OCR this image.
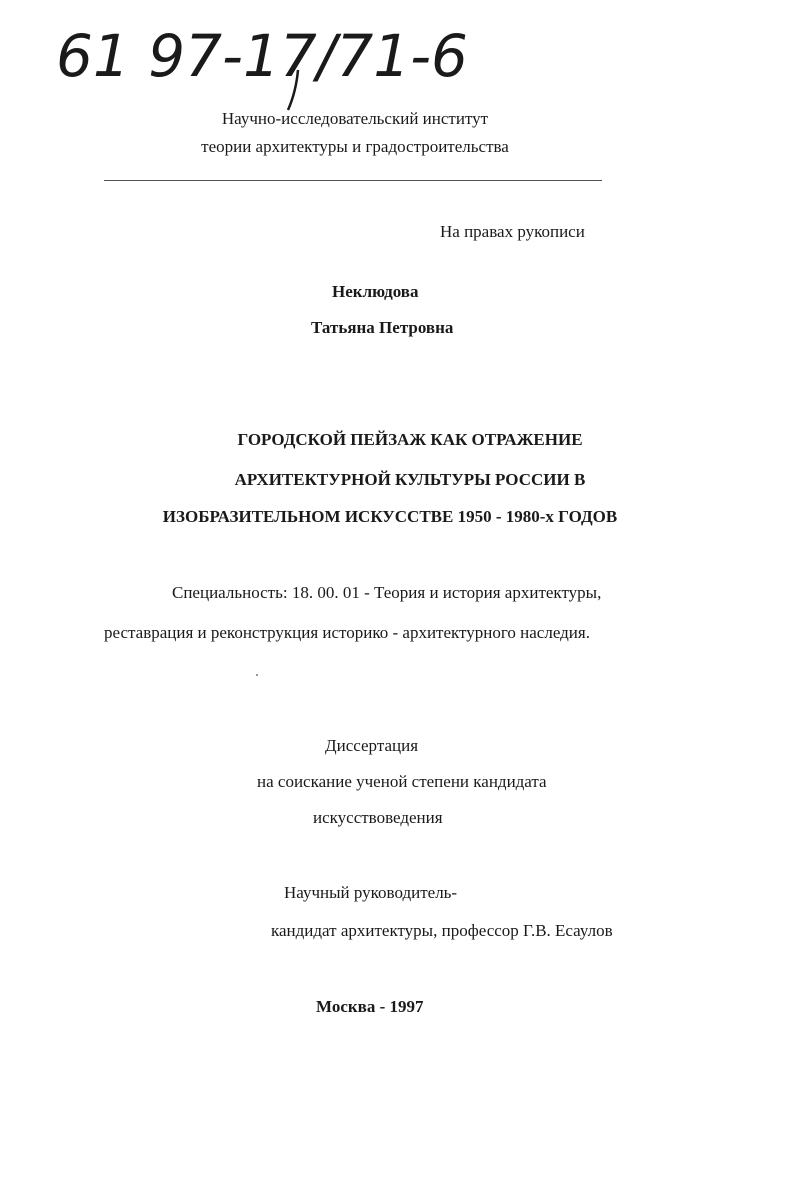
61 97-17/71-6
Научно-исследовательский институт
теории архитектуры и градостроительства
На правах рукописи
Неклюдова
Татьяна Петровна
ГОРОДСКОЙ ПЕЙЗАЖ КАК ОТРАЖЕНИЕ
АРХИТЕКТУРНОЙ КУЛЬТУРЫ РОССИИ В
ИЗОБРАЗИТЕЛЬНОМ ИСКУССТВЕ 1950 - 1980-х ГОДОВ
Специальность: 18. 00. 01 - Теория и история архитектуры,
реставрация и реконструкция историко - архитектурного наследия.
Диссертация
на соискание ученой степени кандидата
искусствоведения
Научный руководитель-
кандидат архитектуры, профессор Г.В. Есаулов
Москва - 1997
